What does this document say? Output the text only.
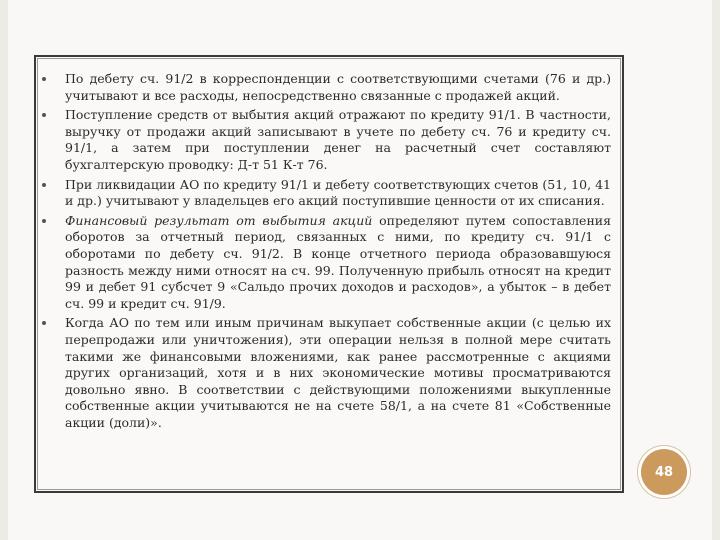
По дебету сч. 91/2 в корреспонденции с соответствующими счетами (76 и др.) учитывают и все расходы, непосредственно связанные с продажей акций.
Поступление средств от выбытия акций отражают по кредиту 91/1. В частности, выручку от продажи акций записывают в учете по дебету сч. 76 и кредиту сч. 91/1, а затем при поступлении денег на расчетный счет составляют бухгалтерскую проводку: Д-т 51 К-т 76.
При ликвидации АО по кредиту 91/1 и дебету соответствующих счетов (51, 10, 41 и др.) учитывают у владельцев его акций поступившие ценности от их списания.
Финансовый результат от выбытия акций определяют путем сопоставления оборотов за отчетный период, связанных с ними, по кредиту сч. 91/1 с оборотами по дебету сч. 91/2. В конце отчетного периода образовавшуюся разность между ними относят на сч. 99. Полученную прибыль относят на кредит 99 и дебет 91 субсчет 9 «Сальдо прочих доходов и расходов», а убыток – в дебет сч. 99 и кредит сч. 91/9.
Когда АО по тем или иным причинам выкупает собственные акции (с целью их перепродажи или уничтожения), эти операции нельзя в полной мере считать такими же финансовыми вложениями, как ранее рассмотренные с акциями других организаций, хотя и в них экономические мотивы просматриваются довольно явно. В соответствии с действующими положениями выкупленные собственные акции учитываются не на счете 58/1, а на счете 81 «Собственные акции (доли)».
48
